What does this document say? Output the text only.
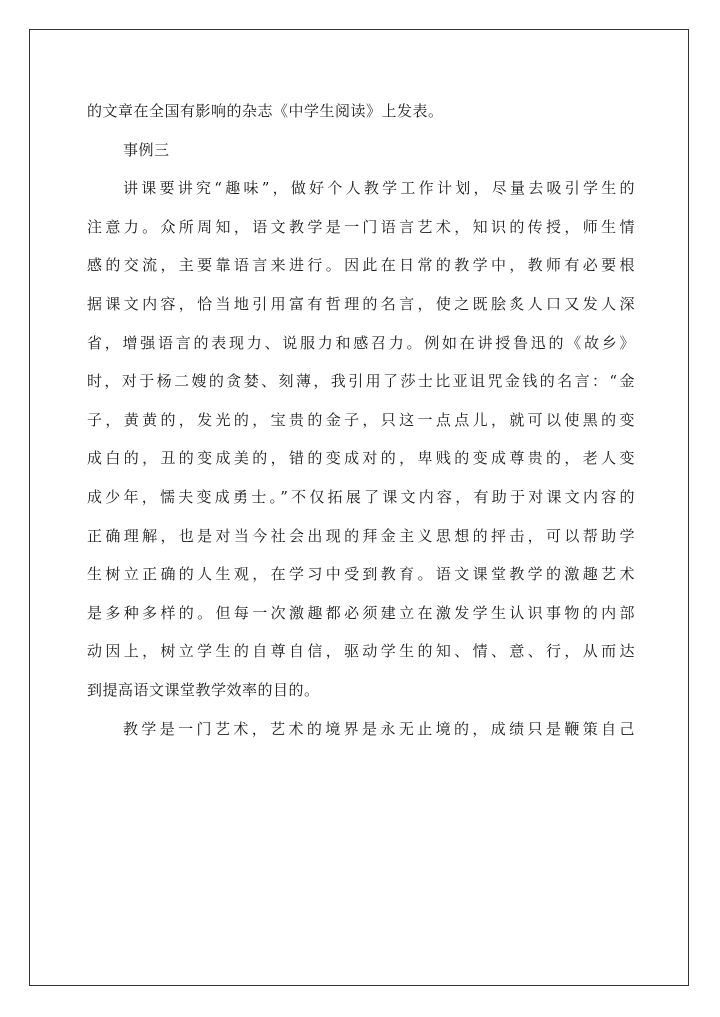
的文章在全国有影响的杂志《中学生阅读》上发表。
事例三
讲课要讲究“趣味”，做好个人教学工作计划，尽量去吸引学生的
注意力。众所周知，语文教学是一门语言艺术，知识的传授，师生情
感的交流，主要靠语言来进行。因此在日常的教学中，教师有必要根
据课文内容，恰当地引用富有哲理的名言，使之既脍炙人口又发人深
省，增强语言的表现力、说服力和感召力。例如在讲授鲁迅的《故乡》
时，对于杨二嫂的贪婪、刻薄，我引用了莎士比亚诅咒金钱的名言：“金
子，黄黄的，发光的，宝贵的金子，只这一点点儿，就可以使黑的变
成白的，丑的变成美的，错的变成对的，卑贱的变成尊贵的，老人变
成少年，懦夫变成勇士。”不仅拓展了课文内容，有助于对课文内容的
正确理解，也是对当今社会出现的拜金主义思想的抨击，可以帮助学
生树立正确的人生观，在学习中受到教育。语文课堂教学的激趣艺术
是多种多样的。但每一次激趣都必须建立在激发学生认识事物的内部
动因上，树立学生的自尊自信，驱动学生的知、情、意、行，从而达
到提高语文课堂教学效率的目的。
教学是一门艺术，艺术的境界是永无止境的，成绩只是鞭策自己
